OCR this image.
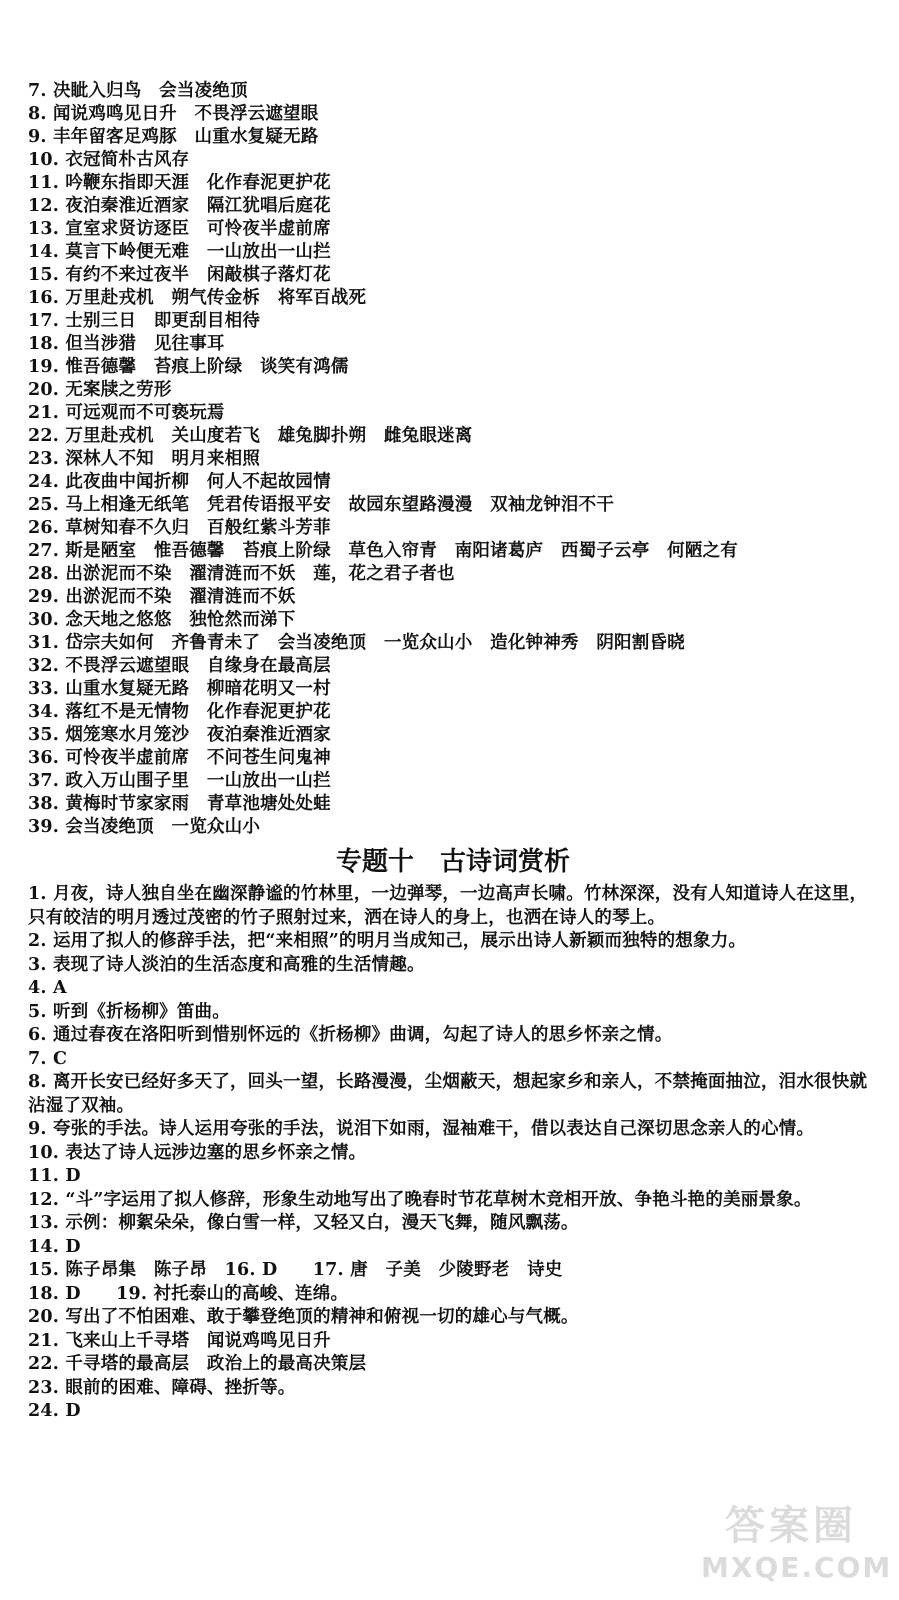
7. 决眦入归鸟　会当凌绝顶
8. 闻说鸡鸣见日升　不畏浮云遮望眼
9. 丰年留客足鸡豚　山重水复疑无路
10. 衣冠简朴古风存
11. 吟鞭东指即天涯　化作春泥更护花
12. 夜泊秦淮近酒家　隔江犹唱后庭花
13. 宣室求贤访逐臣　可怜夜半虚前席
14. 莫言下岭便无难　一山放出一山拦
15. 有约不来过夜半　闲敲棋子落灯花
16. 万里赴戎机　朔气传金柝　将军百战死
17. 士别三日　即更刮目相待
18. 但当涉猎　见往事耳
19. 惟吾德馨　苔痕上阶绿　谈笑有鸿儒
20. 无案牍之劳形
21. 可远观而不可亵玩焉
22. 万里赴戎机　关山度若飞　雄兔脚扑朔　雌兔眼迷离
23. 深林人不知　明月来相照
24. 此夜曲中闻折柳　何人不起故园情
25. 马上相逢无纸笔　凭君传语报平安　故园东望路漫漫　双袖龙钟泪不干
26. 草树知春不久归　百般红紫斗芳菲
27. 斯是陋室　惟吾德馨　苔痕上阶绿　草色入帘青　南阳诸葛庐　西蜀子云亭　何陋之有
28. 出淤泥而不染　濯清涟而不妖　莲，花之君子者也
29. 出淤泥而不染　濯清涟而不妖
30. 念天地之悠悠　独怆然而涕下
31. 岱宗夫如何　齐鲁青未了　会当凌绝顶　一览众山小　造化钟神秀　阴阳割昏晓
32. 不畏浮云遮望眼　自缘身在最高层
33. 山重水复疑无路　柳暗花明又一村
34. 落红不是无情物　化作春泥更护花
35. 烟笼寒水月笼沙　夜泊秦淮近酒家
36. 可怜夜半虚前席　不问苍生问鬼神
37. 政入万山围子里　一山放出一山拦
38. 黄梅时节家家雨　青草池塘处处蛙
39. 会当凌绝顶　一览众山小
专题十　古诗词赏析
1. 月夜，诗人独自坐在幽深静谧的竹林里，一边弹琴，一边高声长啸。竹林深深，没有人知道诗人在这里，只有皎洁的明月透过茂密的竹子照射过来，洒在诗人的身上，也洒在诗人的琴上。
2. 运用了拟人的修辞手法，把“来相照”的明月当成知己，展示出诗人新颖而独特的想象力。
3. 表现了诗人淡泊的生活态度和高雅的生活情趣。
4. A
5. 听到《折杨柳》笛曲。
6. 通过春夜在洛阳听到惜别怀远的《折杨柳》曲调，勾起了诗人的思乡怀亲之情。
7. C
8. 离开长安已经好多天了，回头一望，长路漫漫，尘烟蔽天，想起家乡和亲人，不禁掩面抽泣，泪水很快就沾湿了双袖。
9. 夸张的手法。诗人运用夸张的手法，说泪下如雨，湿袖难干，借以表达自己深切思念亲人的心情。
10. 表达了诗人远涉边塞的思乡怀亲之情。
11. D
12. “斗”字运用了拟人修辞，形象生动地写出了晚春时节花草树木竞相开放、争艳斗艳的美丽景象。
13. 示例：柳絮朵朵，像白雪一样，又轻又白，漫天飞舞，随风飘荡。
14. D
15. 陈子昂集　陈子昂　16. D　　17. 唐　子美　少陵野老　诗史
18. D　　19. 衬托泰山的高峻、连绵。
20. 写出了不怕困难、敢于攀登绝顶的精神和俯视一切的雄心与气概。
21. 飞来山上千寻塔　闻说鸡鸣见日升
22. 千寻塔的最高层　政治上的最高决策层
23. 眼前的困难、障碍、挫折等。
24. D
答案圈
MXQE.COM
